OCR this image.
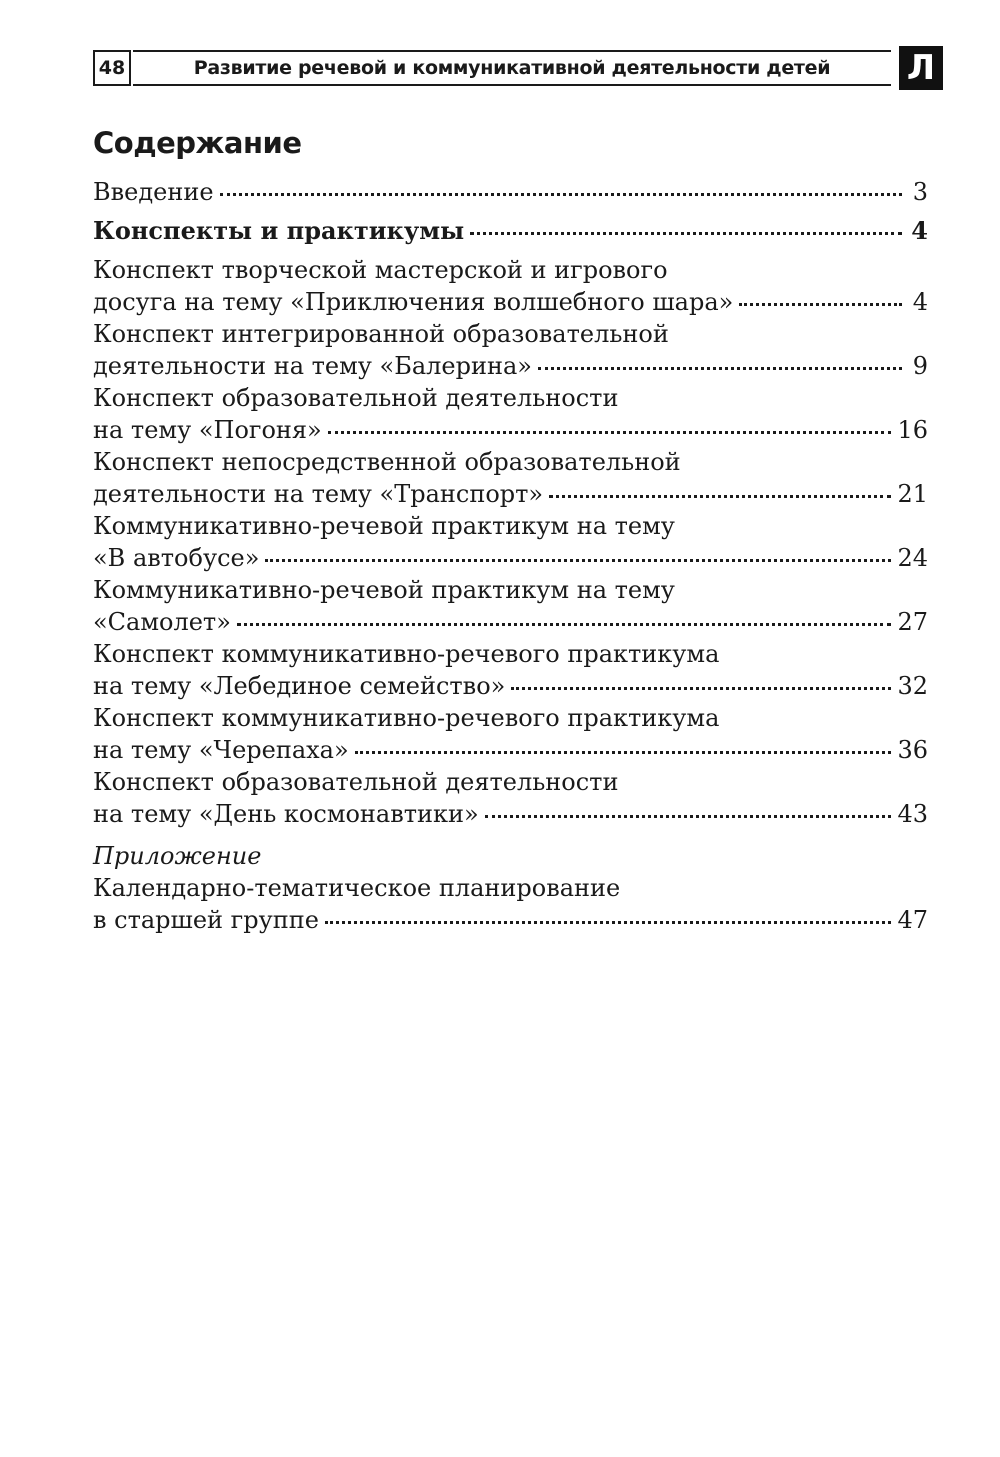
48	Развитие речевой и коммуникативной деятельности детей	Л
Содержание
Введение	3
Конспекты и практикумы	4
Конспект творческой мастерской и игрового
досуга на тему «Приключения волшебного шара»	4
Конспект интегрированной образовательной
деятельности на тему «Балерина»	9
Конспект образовательной деятельности
на тему «Погоня»	16
Конспект непосредственной образовательной
деятельности на тему «Транспорт»	21
Коммуникативно-речевой практикум на тему
«В автобусе»	24
Коммуникативно-речевой практикум на тему
«Самолет»	27
Конспект коммуникативно-речевого практикума
на тему «Лебединое семейство»	32
Конспект коммуникативно-речевого практикума
на тему «Черепаха»	36
Конспект образовательной деятельности
на тему «День космонавтики»	43
Приложение
Календарно-тематическое планирование
в старшей группе	47
